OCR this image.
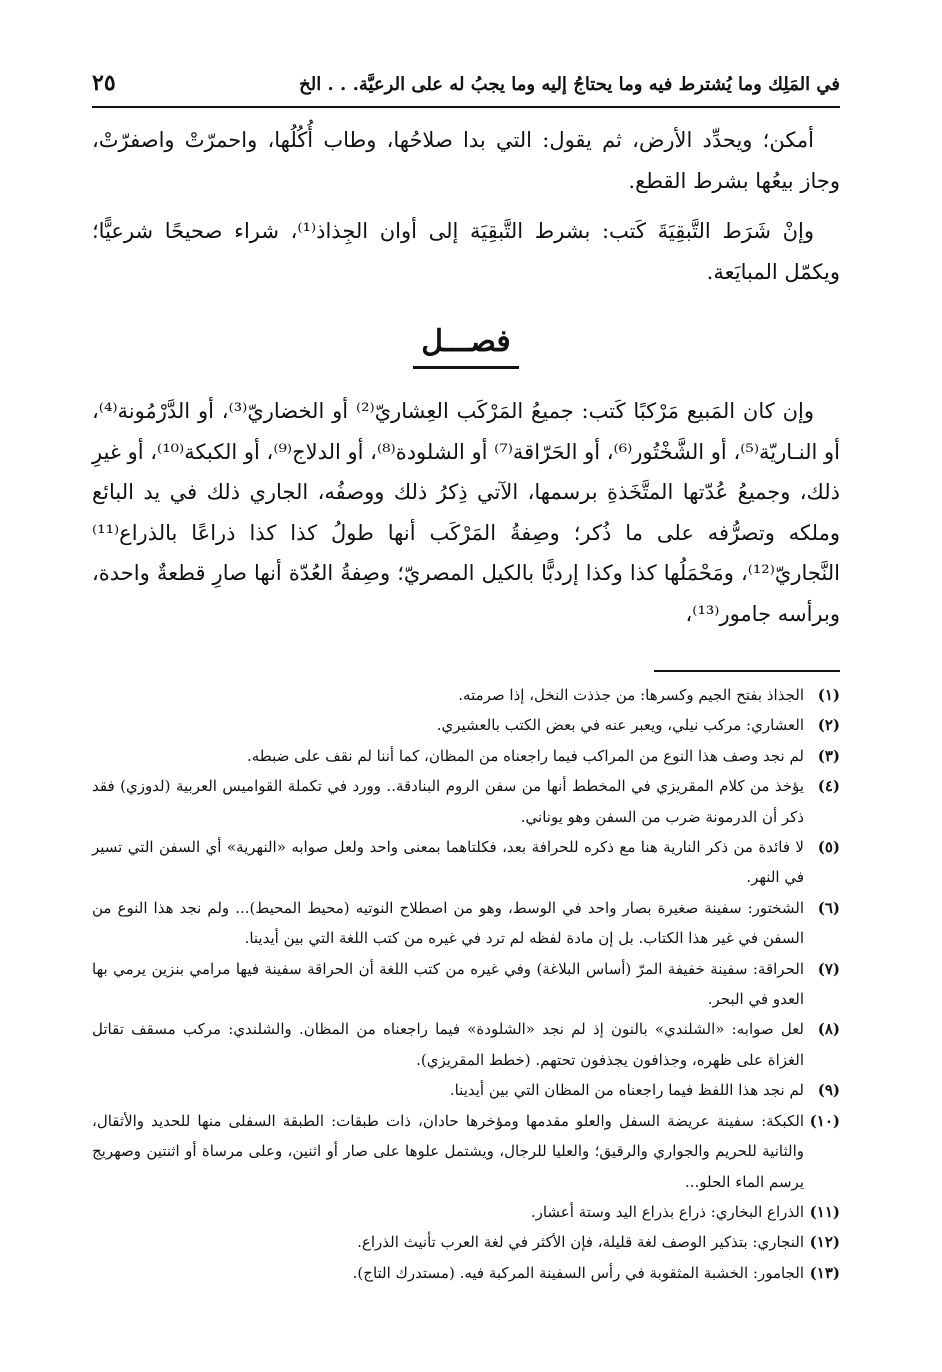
في المَلِك وما يُشترط فيه وما يحتاجُ إليه وما يجبُ له على الرعيَّة. . . الخ
٢٥

أمكن؛ ويحدِّد الأرض، ثم يقول: التي بدا صلاحُها، وطاب أُكُلُها، واحمرّتْ واصفرّتْ، وجاز بيعُها بشرط القطع.

وإنْ شَرَط التَّبقِيَةَ كَتب: بشرط التَّبقِيَة إلى أوان الجِذاذ⁽¹⁾، شراء صحيحًا شرعيًّا؛ ويكمّل المبايَعة.

فصـــل

وإن كان المَبيع مَرْكبًا كَتب: جميعُ المَرْكَب العِشاريّ⁽²⁾ أو الخضاريّ⁽³⁾، أو الدَّرْمُونة⁽⁴⁾، أو النـاريّة⁽⁵⁾، أو الشَّخْتُور⁽⁶⁾، أو الحَرّاقة⁽⁷⁾ أو الشلودة⁽⁸⁾، أو الدلاج⁽⁹⁾، أو الكبكة⁽¹⁰⁾، أو غيرِ ذلك، وجميعُ عُدّتها المتَّخَذةِ برسمها، الآتي ذِكرُ ذلك ووصفُه، الجاري ذلك في يد البائع وملكه وتصرُّفه على ما ذُكر؛ وصِفةُ المَرْكَب أنها طولُ كذا كذا ذراعًا بالذراع⁽¹¹⁾ النَّجاريّ⁽¹²⁾، ومَحْمَلُها كذا وكذا إردبًّا بالكيل المصريّ؛ وصِفةُ العُدّة أنها صارِ قطعةٌ واحدة، وبرأسه جامور⁽¹³⁾،

(١)
الجذاذ بفتح الجيم وكسرها: من جذذت النخل، إذا صرمته.
(٢)
العشاري: مركب نيلي، ويعبر عنه في بعض الكتب بالعشيري.
(٣)
لم نجد وصف هذا النوع من المراكب فيما راجعناه من المظان، كما أننا لم نقف على ضبطه.
(٤)
يؤخذ من كلام المقريزي في المخطط أنها من سفن الروم البنادقة.. وورد في تكملة القواميس العربية (لدوزي) فقد ذكر أن الدرمونة ضرب من السفن وهو يوناني.
(٥)
لا فائدة من ذكر النارية هنا مع ذكره للحرافة بعد، فكلتاهما بمعنى واحد ولعل صوابه «النهرية» أي السفن التي تسير في النهر.
(٦)
الشختور: سفينة صغيرة بصار واحد في الوسط، وهو من اصطلاح النوتيه (محيط المحيط)... ولم نجد هذا النوع من السفن في غير هذا الكتاب. بل إن مادة لفظه لم ترد في غيره من كتب اللغة التي بين أيدينا.
(٧)
الحراقة: سفينة خفيفة المرّ (أساس البلاغة) وفي غيره من كتب اللغة أن الحراقة سفينة فيها مرامي بنزين يرمي بها العدو في البحر.
(٨)
لعل صوابه: «الشلندي» بالنون إذ لم نجد «الشلودة» فيما راجعناه من المظان. والشلندي: مركب مسقف تقاتل الغزاة على ظهره، وجذافون يجذفون تحتهم. (خطط المقريزي).
(٩)
لم نجد هذا اللفظ فيما راجعناه من المظان التي بين أيدينا.
(١٠)
الكبكة: سفينة عريضة السفل والعلو مقدمها ومؤخرها حادان، ذات طبقات: الطبقة السفلى منها للحديد والأثقال، والثانية للحريم والجواري والرقيق؛ والعليا للرجال، ويشتمل علوها على صار أو اثنين، وعلى مرساة أو اثنتين وصهريج يرسم الماء الحلو...
(١١)
الذراع البخاري: ذراع بذراع اليد وستة أعشار.
(١٢)
النجاري: بتذكير الوصف لغة قليلة، فإن الأكثر في لغة العرب تأنيث الذراع.
(١٣)
الجامور: الخشبة المثقوبة في رأس السفينة المركبة فيه. (مستدرك التاج).
